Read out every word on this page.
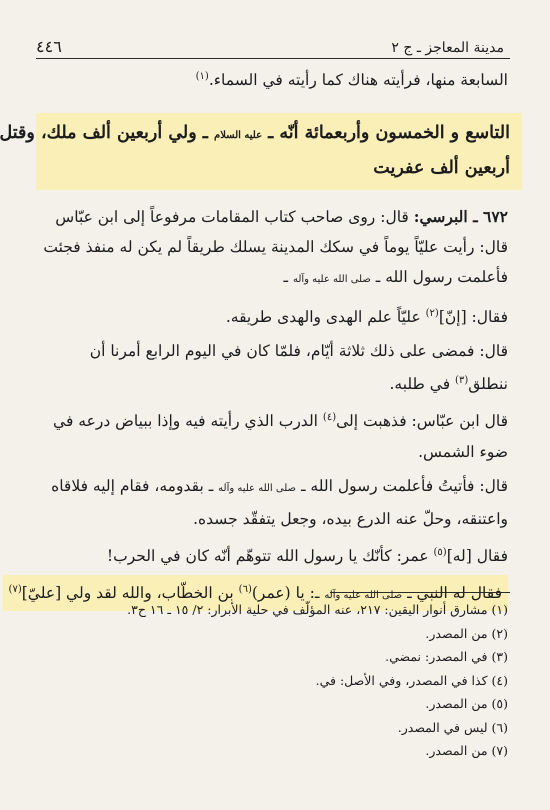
مدينة المعاجز ـ ج ٢
٤٤٦
السابعة منها، فرأيته هناك كما رأيته في السماء.$^{(١)}$
التاسع و الخمسون وأربعمائة أنّه ـ عليه السلام ـ ولي أربعين ألف ملك، وقتل
أربعين ألف عفريت
٦٧٢ ـ البرسي: قال: روى صاحب كتاب المقامات مرفوعاً إلى ابن عبّاس
قال: رأيت عليّاً يوماً في سكك المدينة يسلك طريقاً لم يكن له منفذ فجئت
فأعلمت رسول الله ـ صلى الله عليه وآله ـ
فقال: [إنّ]$^{(٢)}$ عليّاً علم الهدى والهدى طريقه.
قال: فمضى على ذلك ثلاثة أيّام، فلمّا كان في اليوم الرابع أمرنا أن
ننطلق$^{(٣)}$ في طلبه.
قال ابن عبّاس: فذهبت إلى$^{(٤)}$ الدرب الذي رأيته فيه وإذا ببياض درعه في
ضوء الشمس.
قال: فأتيتُ فأعلمت رسول الله ـ صلى الله عليه وآله ـ بقدومه، فقام إليه فلاقاه
واعتنقه، وحلّ عنه الدرع بيده، وجعل يتفقّد جسده.
فقال [له]$^{(٥)}$ عمر: كأنّك يا رسول الله تتوهّم أنّه كان في الحرب!
فقال له النبي ـ صلى الله عليه وآله ـ: يا (عمر)$^{(٦)}$ بن الخطّاب، والله لقد ولي [عليّ]$^{(٧)}$
(١) مشارق أنوار اليقين: ٢١٧، عنه المؤلّف في حلية الأبرار: ٢/ ١٥ ـ ١٦ ح٣.
(٢) من المصدر.
(٣) في المصدر: نمضي.
(٤) كذا في المصدر، وفي الأصل: في.
(٥) من المصدر.
(٦) ليس في المصدر.
(٧) من المصدر.
